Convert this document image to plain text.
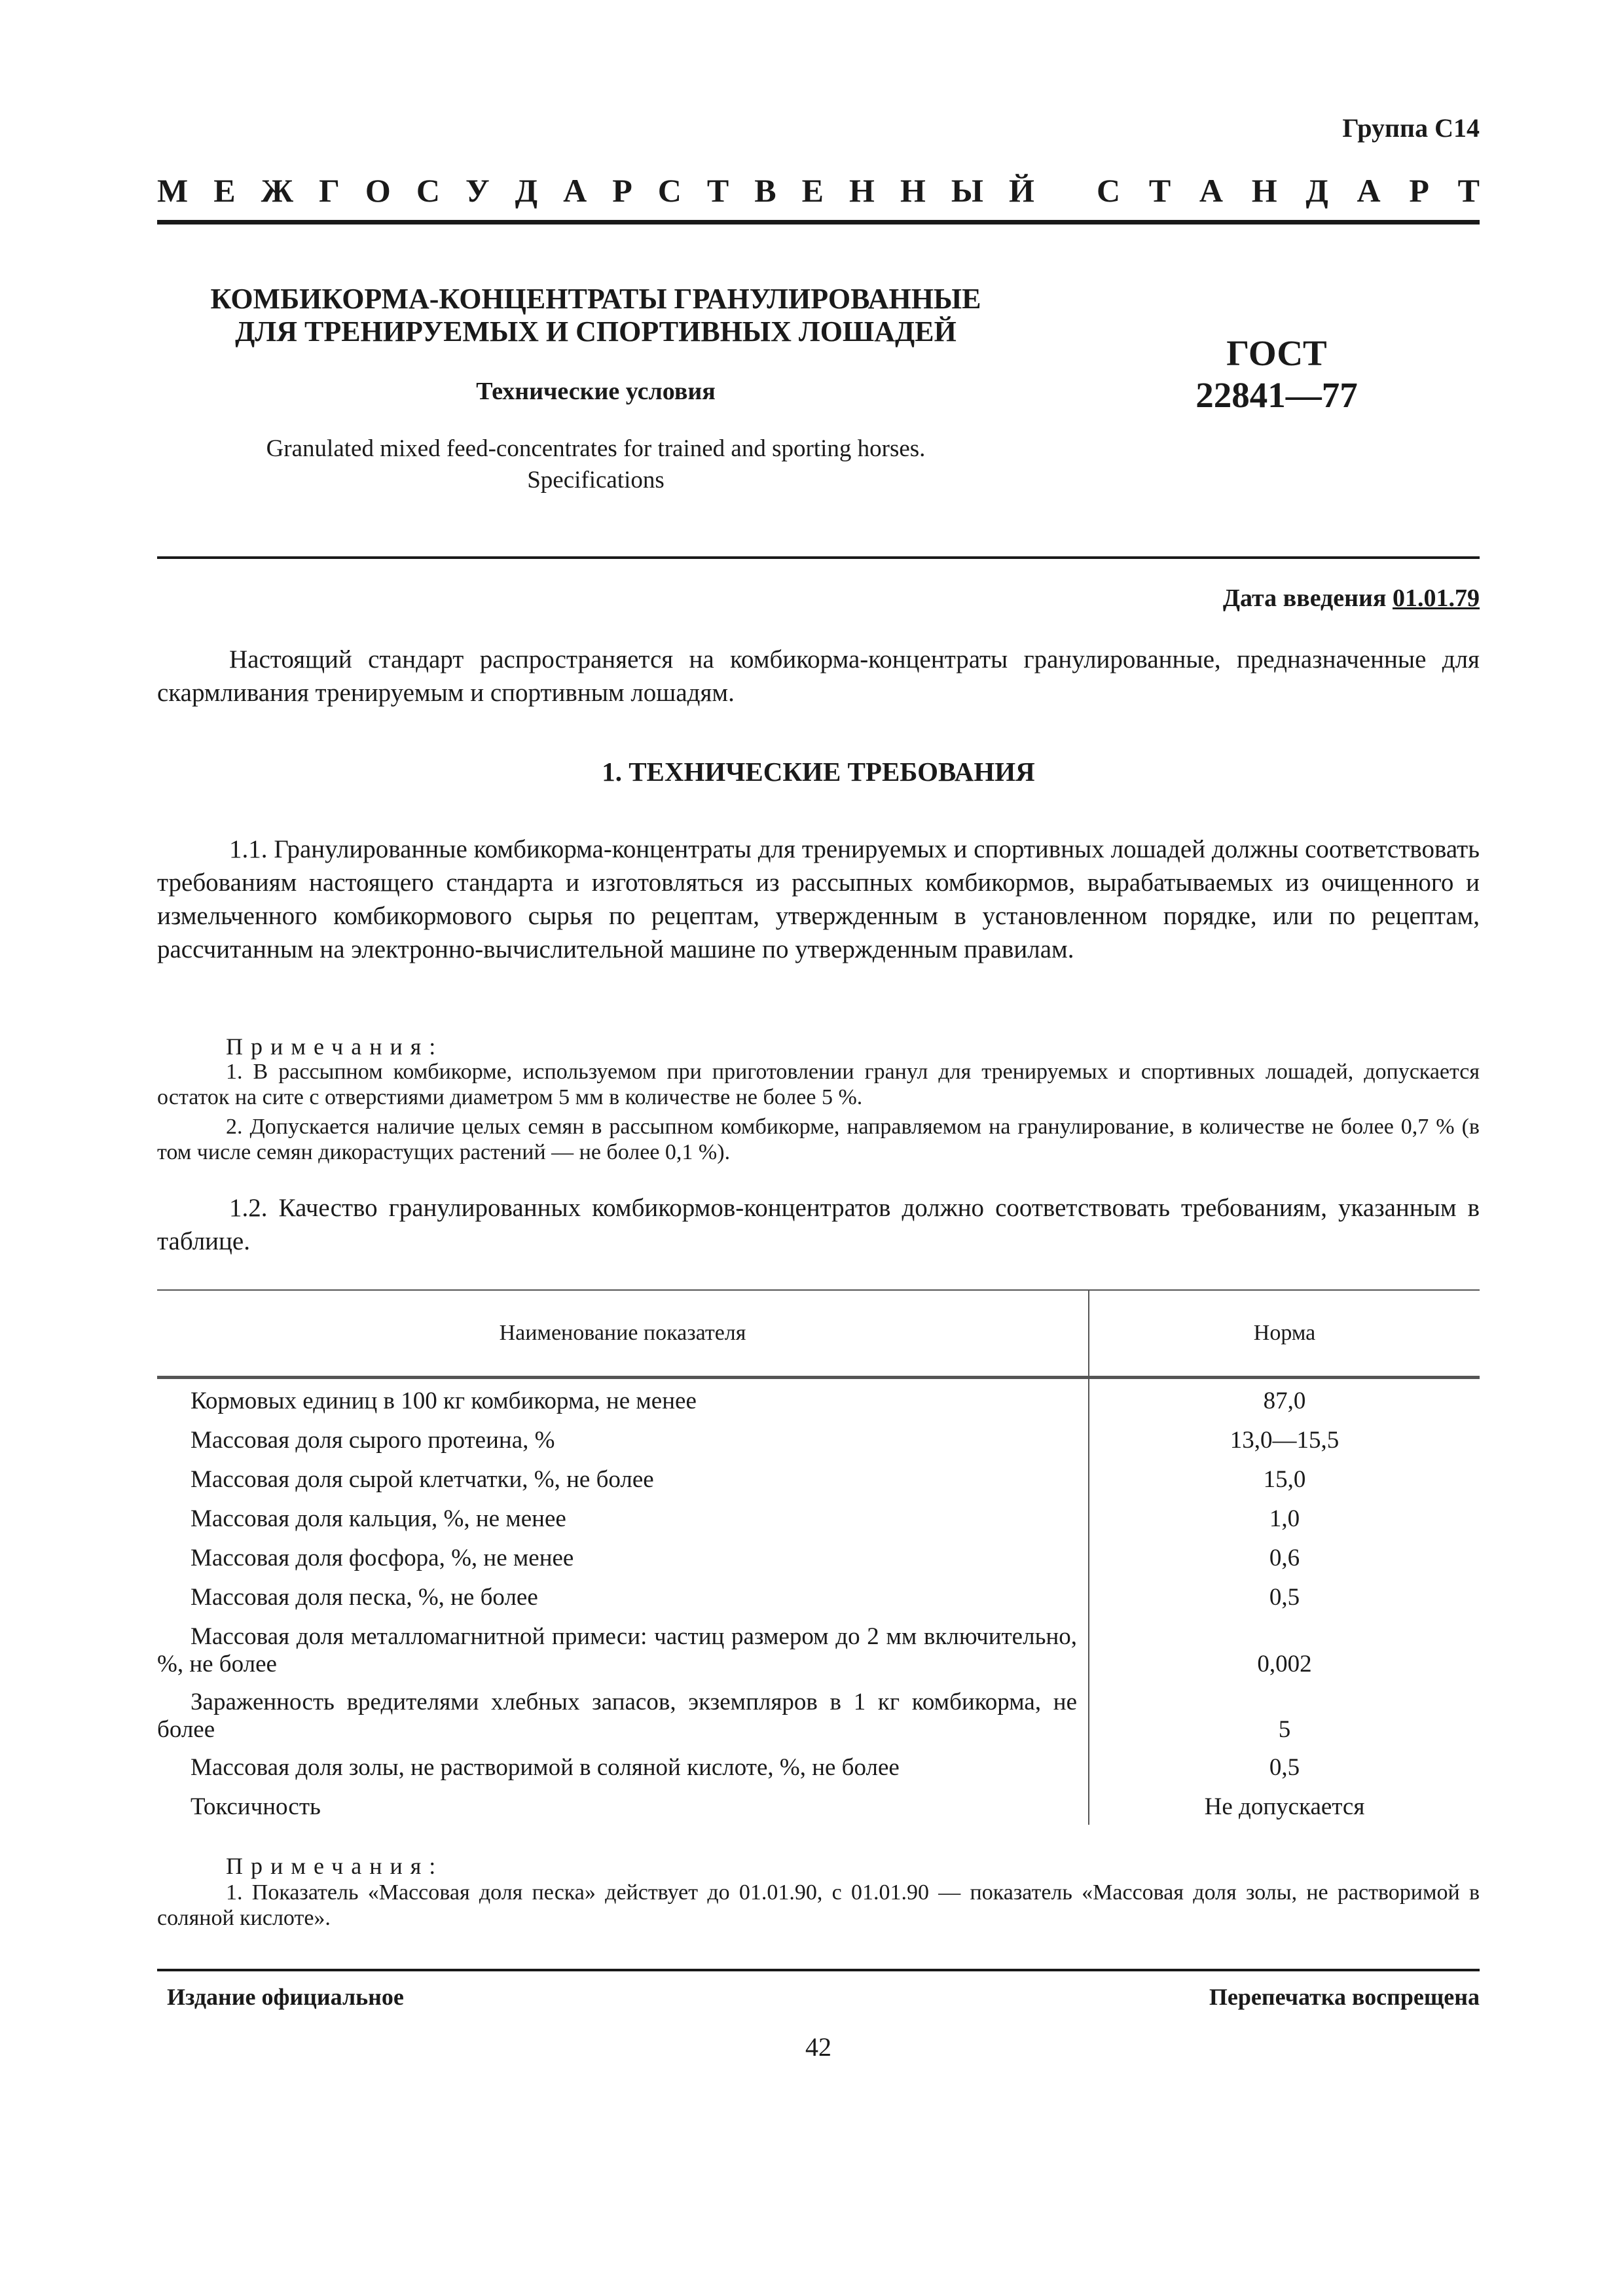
Группа С14
М Е Ж Г О С У Д А Р С Т В Е Н Н Ы Й С Т А Н Д А Р Т
КОМБИКОРМА-КОНЦЕНТРАТЫ ГРАНУЛИРОВАННЫЕ
ДЛЯ ТРЕНИРУЕМЫХ И СПОРТИВНЫХ ЛОШАДЕЙ
Технические условия
Granulated mixed feed-concentrates for trained and sporting horses.
Specifications
ГОСТ
22841—77
Дата введения 01.01.79
Настоящий стандарт распространяется на комбикорма-концентраты гранулированные, предназначенные для скармливания тренируемым и спортивным лошадям.
1. ТЕХНИЧЕСКИЕ ТРЕБОВАНИЯ
1.1. Гранулированные комбикорма-концентраты для тренируемых и спортивных лошадей должны соответствовать требованиям настоящего стандарта и изготовляться из рассыпных комбикормов, вырабатываемых из очищенного и измельченного комбикормового сырья по рецептам, утвержденным в установленном порядке, или по рецептам, рассчитанным на электронно-вычислительной машине по утвержденным правилам.
Примечания:
1. В рассыпном комбикорме, используемом при приготовлении гранул для тренируемых и спортивных лошадей, допускается остаток на сите с отверстиями диаметром 5 мм в количестве не более 5 %.
2. Допускается наличие целых семян в рассыпном комбикорме, направляемом на гранулирование, в количестве не более 0,7 % (в том числе семян дикорастущих растений — не более 0,1 %).
1.2. Качество гранулированных комбикормов-концентратов должно соответствовать требованиям, указанным в таблице.
Наименование показателя	Норма
Кормовых единиц в 100 кг комбикорма, не менее	87,0
Массовая доля сырого протеина, %	13,0—15,5
Массовая доля сырой клетчатки, %, не более	15,0
Массовая доля кальция, %, не менее	1,0
Массовая доля фосфора, %, не менее	0,6
Массовая доля песка, %, не более	0,5
Массовая доля металломагнитной примеси: частиц размером до 2 мм включительно, %, не более	0,002
Зараженность вредителями хлебных запасов, экземпляров в 1 кг комбикорма, не более	5
Массовая доля золы, не растворимой в соляной кислоте, %, не более	0,5
Токсичность	Не допускается
Примечания:
1. Показатель «Массовая доля песка» действует до 01.01.90, с 01.01.90 — показатель «Массовая доля золы, не растворимой в соляной кислоте».
Издание официальное	Перепечатка воспрещена
42
